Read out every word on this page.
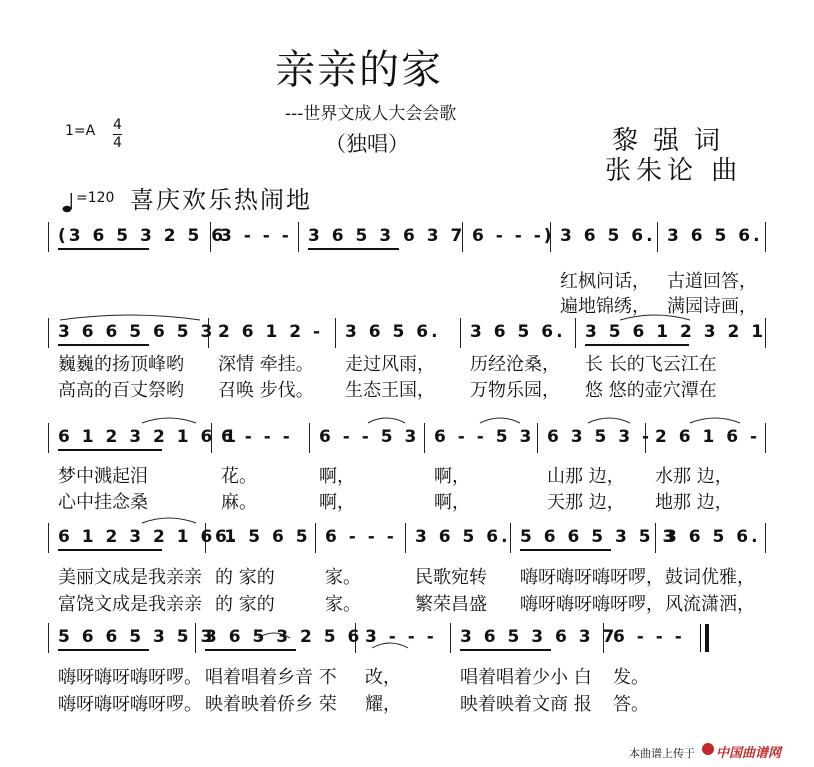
亲亲的家
---世界文成人大会会歌
（独唱）	黎强词
张朱论 曲
1=A 4
4
=120 喜庆欢乐热闹地
(3 6 5 3 2 5 6
3 - - - 3 6 5 3 6 3 7 6 - - -) 3 6 5 6.
红枫问话，
遍地锦绣，
3 6 5 6.
古道回答，
满园诗画，
3 6 6 5 6 5 3
巍巍的扬顶峰哟
高高的百丈祭哟
2 6 1 2 -
深情 牵挂。
召唤 步伐。
3 6 5 6.
走过风雨，
生态王国，
3 6 5 6.
历经沧桑，
万物乐园，
3 5 6 1 2 3 2 1
长 长的飞云江在
悠 悠的壶穴潭在
6 1 2 3 2 1 6 1
梦中溅起泪
心中挂念桑
6 - - -
花。
麻。
6 - - 5 3
啊，
啊，
6 - - 5 3
啊，
啊，
6 3 5 3 -
山那 边，
天那 边，
2 6 1 6 -
水那 边，
地那 边，
6 1 2 3 2 1 6 1
美丽文成是我亲亲
富饶文成是我亲亲
6. 5 6 5
的 家的
的 家的
6 - - -
家。
家。
3 6 5 6.
民歌宛转
繁荣昌盛
5 6 6 5 3 5 3
嗨呀嗨呀嗨呀啰，
嗨呀嗨呀嗨呀啰，
3 6 5 6.
鼓词优雅，
风流潇洒，
5 6 6 5 3 5 3
嗨呀嗨呀嗨呀啰。
嗨呀嗨呀嗨呀啰。
3 6 5 3 2 5 6
唱着唱着乡音 不
映着映着侨乡 荣
3 - - -
改，
耀，
3 6 5 3 6 3 7
唱着唱着少小 白
映着映着文商 报
6 - - -
发。
答。
本曲谱上传于 中国曲谱网
